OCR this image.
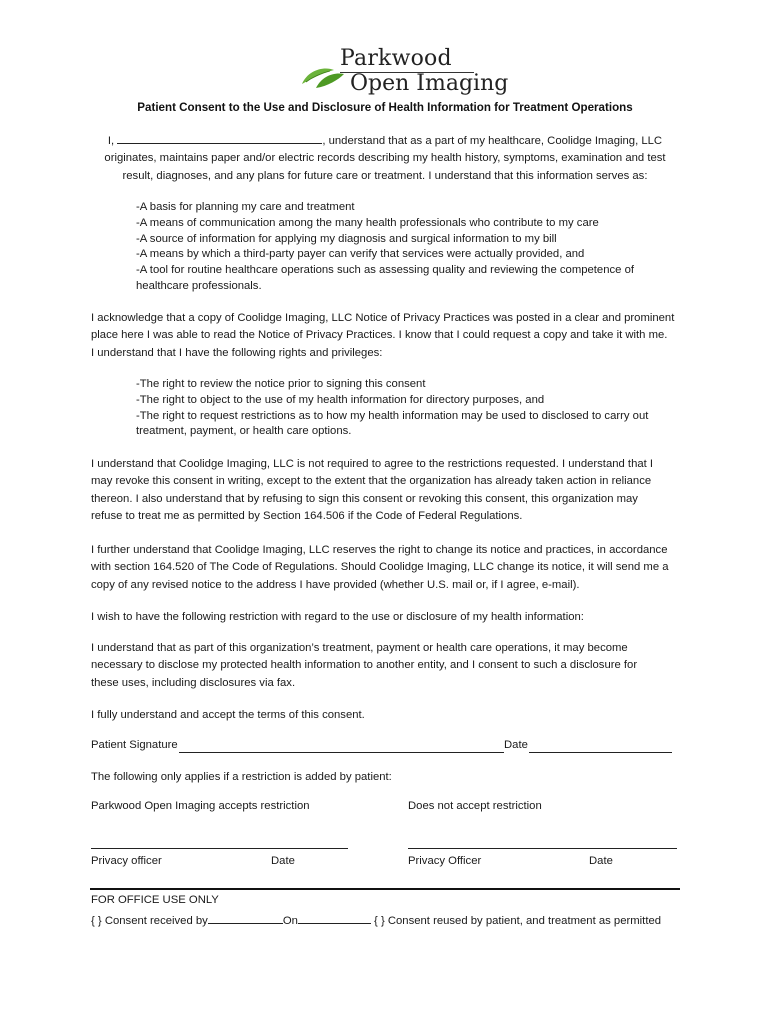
Parkwood
Open Imaging
Patient Consent to the Use and Disclosure of Health Information for Treatment Operations
I,	, understand that as a part of my healthcare, Coolidge Imaging, LLC
originates, maintains paper and/or electric records describing my health history, symptoms, examination and test
result, diagnoses, and any plans for future care or treatment. I understand that this information serves as:
-A basis for planning my care and treatment
-A means of communication among the many health professionals who contribute to my care
-A source of information for applying my diagnosis and surgical information to my bill
-A means by which a third-party payer can verify that services were actually provided, and
-A tool for routine healthcare operations such as assessing quality and reviewing the competence of
healthcare professionals.
I acknowledge that a copy of Coolidge Imaging, LLC Notice of Privacy Practices was posted in a clear and prominent
place here I was able to read the Notice of Privacy Practices. I know that I could request a copy and take it with me.
I understand that I have the following rights and privileges:
-The right to review the notice prior to signing this consent
-The right to object to the use of my health information for directory purposes, and
-The right to request restrictions as to how my health information may be used to disclosed to carry out
treatment, payment, or health care options.
I understand that Coolidge Imaging, LLC is not required to agree to the restrictions requested. I understand that I
may revoke this consent in writing, except to the extent that the organization has already taken action in reliance
thereon. I also understand that by refusing to sign this consent or revoking this consent, this organization may
refuse to treat me as permitted by Section 164.506 if the Code of Federal Regulations.
I further understand that Coolidge Imaging, LLC reserves the right to change its notice and practices, in accordance
with section 164.520 of The Code of Regulations. Should Coolidge Imaging, LLC change its notice, it will send me a
copy of any revised notice to the address I have provided (whether U.S. mail or, if I agree, e-mail).
I wish to have the following restriction with regard to the use or disclosure of my health information:
I understand that as part of this organization’s treatment, payment or health care operations, it may become
necessary to disclose my protected health information to another entity, and I consent to such a disclosure for
these uses, including disclosures via fax.
I fully understand and accept the terms of this consent.
Patient Signature	Date
The following only applies if a restriction is added by patient:
Parkwood Open Imaging accepts restriction	Does not accept restriction
Privacy officer	Date	Privacy Officer	Date
FOR OFFICE USE ONLY
{ } Consent received by	On	{ } Consent reused by patient, and treatment as permitted
